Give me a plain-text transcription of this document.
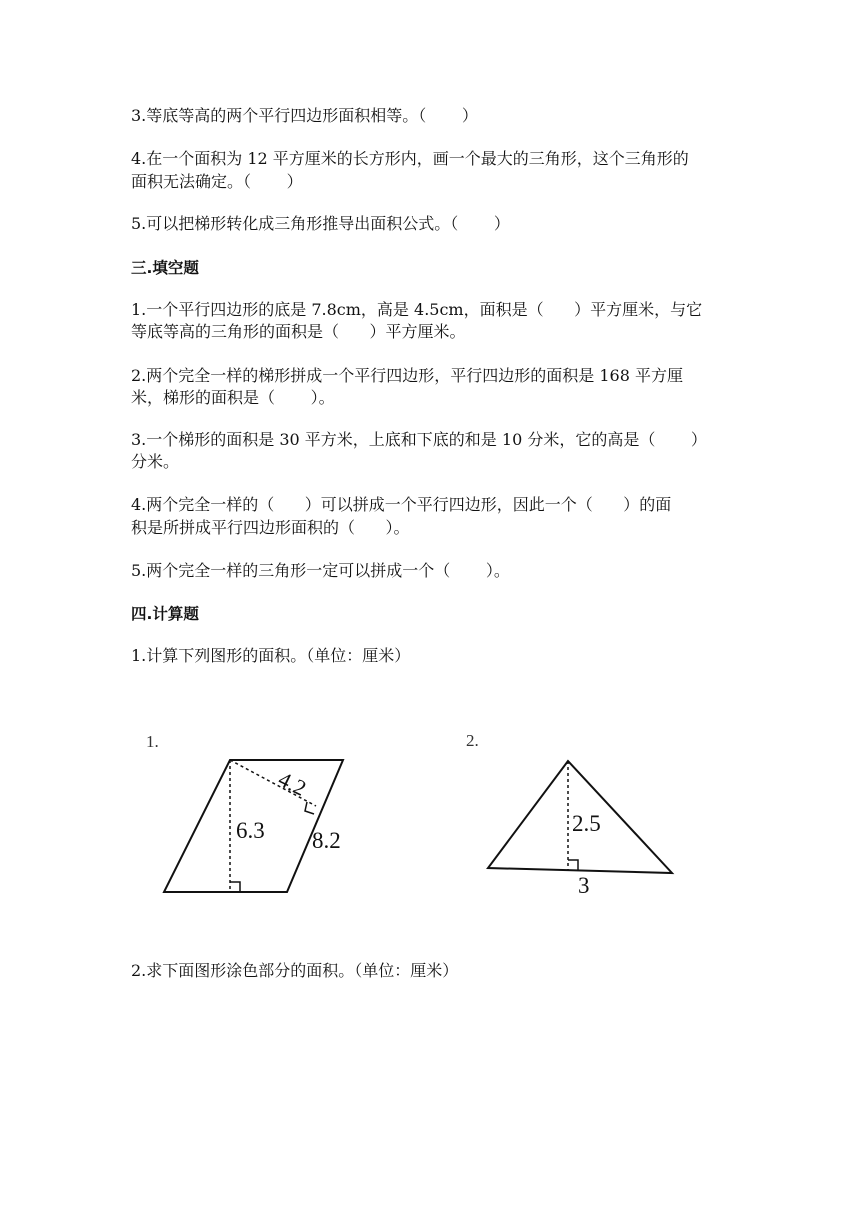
3.等底等高的两个平行四边形面积相等。（       ）
4.在一个面积为 12 平方厘米的长方形内，画一个最大的三角形，这个三角形的
面积无法确定。（       ）
5.可以把梯形转化成三角形推导出面积公式。（       ）
三.填空题
1.一个平行四边形的底是 7.8cm，高是 4.5cm，面积是（      ）平方厘米，与它
等底等高的三角形的面积是（      ）平方厘米。
2.两个完全一样的梯形拼成一个平行四边形，平行四边形的面积是 168 平方厘
米，梯形的面积是（       ）。
3.一个梯形的面积是 30 平方米，上底和下底的和是 10 分米，它的高是（       ）
分米。
4.两个完全一样的（      ）可以拼成一个平行四边形，因此一个（      ）的面
积是所拼成平行四边形面积的（      ）。
5.两个完全一样的三角形一定可以拼成一个（       ）。
四.计算题
1.计算下列图形的面积。（单位：厘米）
1.
4.2
6.3 8.2
2.
2.5
3
2.求下面图形涂色部分的面积。（单位：厘米）
